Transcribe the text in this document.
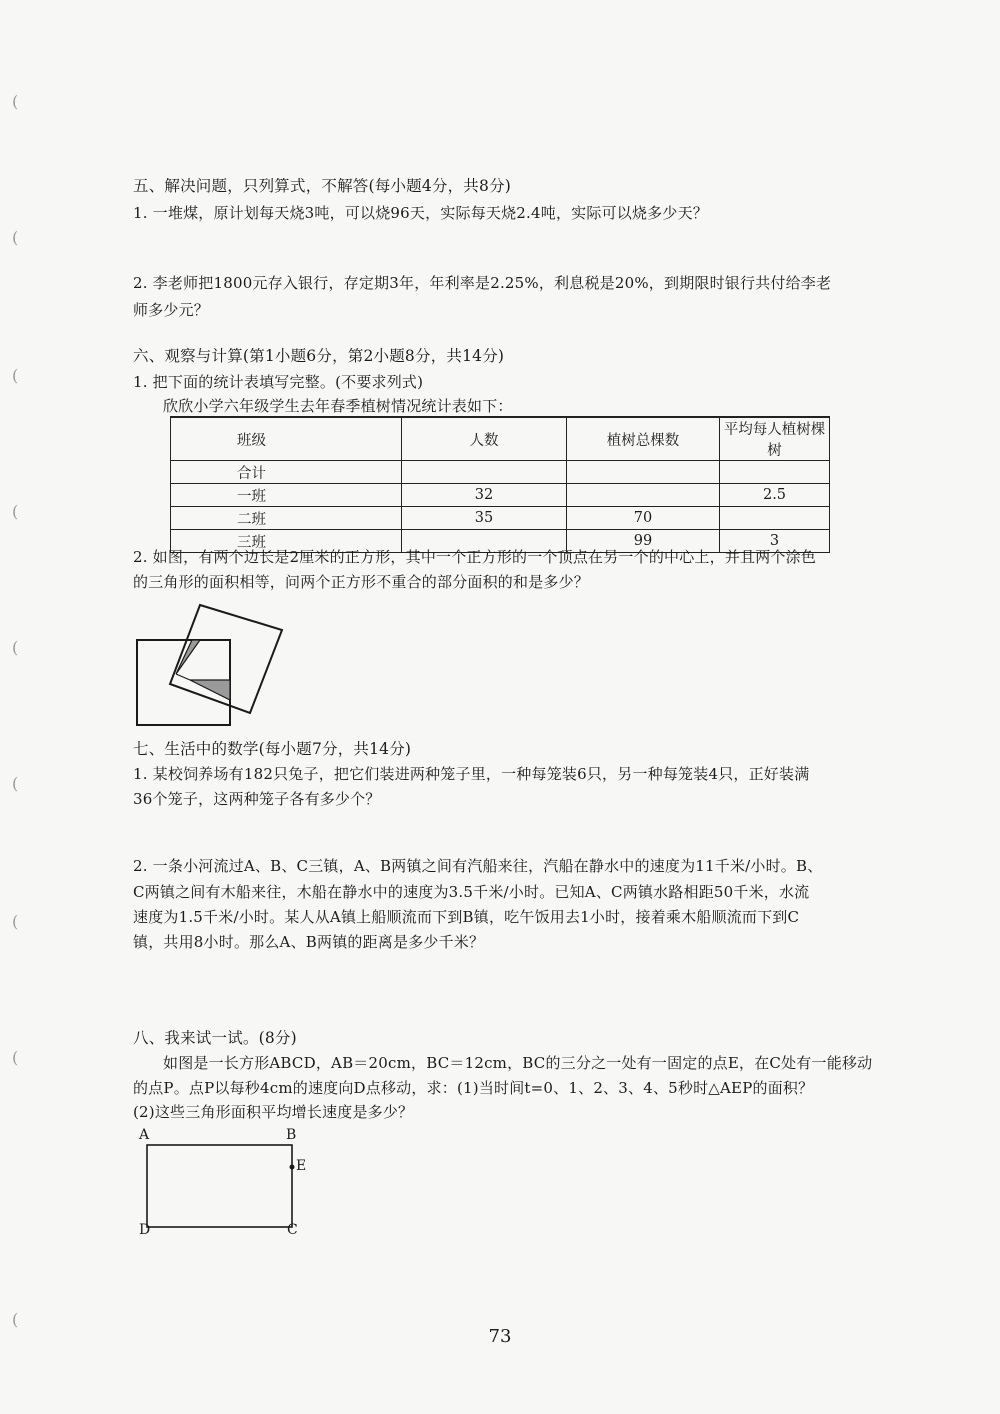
(
(
(
(
(
(
(
(
(
五、解决问题，只列算式，不解答(每小题4分，共8分)
1. 一堆煤，原计划每天烧3吨，可以烧96天，实际每天烧2.4吨，实际可以烧多少天？
2. 李老师把1800元存入银行，存定期3年，年利率是2.25%，利息税是20%，到期限时银行共付给李老
师多少元？
六、观察与计算(第1小题6分，第2小题8分，共14分)
1. 把下面的统计表填写完整。(不要求列式)
欣欣小学六年级学生去年春季植树情况统计表如下：
班级	人数	植树总棵数	平均每人植树棵树
合计			
一班	32		2.5
二班	35	70	
三班		99	3
2. 如图，有两个边长是2厘米的正方形，其中一个正方形的一个顶点在另一个的中心上，并且两个涂色
的三角形的面积相等，问两个正方形不重合的部分面积的和是多少？
七、生活中的数学(每小题7分，共14分)
1. 某校饲养场有182只兔子，把它们装进两种笼子里，一种每笼装6只，另一种每笼装4只，正好装满
36个笼子，这两种笼子各有多少个？
2. 一条小河流过A、B、C三镇，A、B两镇之间有汽船来往，汽船在静水中的速度为11千米/小时。B、
C两镇之间有木船来往，木船在静水中的速度为3.5千米/小时。已知A、C两镇水路相距50千米，水流
速度为1.5千米/小时。某人从A镇上船顺流而下到B镇，吃午饭用去1小时，接着乘木船顺流而下到C
镇，共用8小时。那么A、B两镇的距离是多少千米？
八、我来试一试。(8分)
如图是一长方形ABCD，AB＝20cm，BC＝12cm，BC的三分之一处有一固定的点E，在C处有一能移动
的点P。点P以每秒4cm的速度向D点移动，求：(1)当时间t=0、1、2、3、4、5秒时△AEP的面积？
(2)这些三角形面积平均增长速度是多少？
A	B
E
D	C
73
